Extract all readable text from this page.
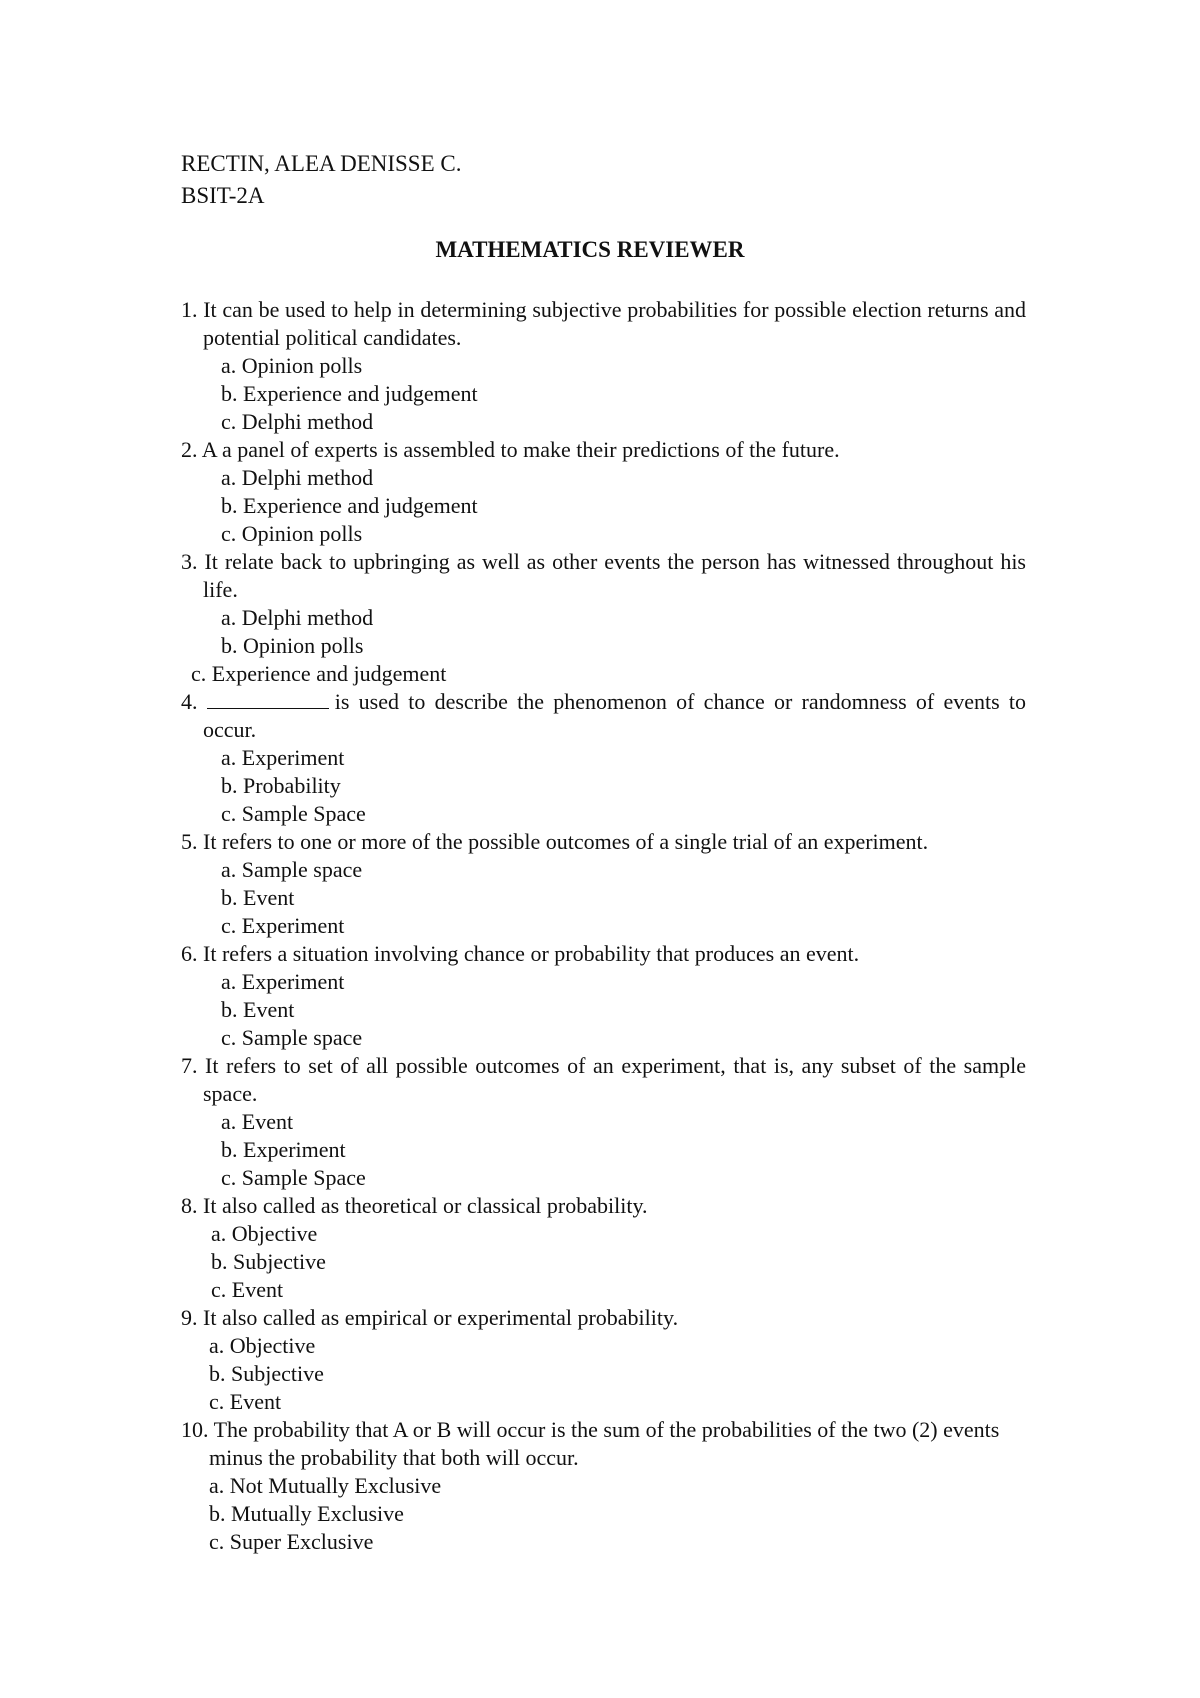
RECTIN, ALEA DENISSE C.
BSIT-2A
MATHEMATICS REVIEWER
1. It can be used to help in determining subjective probabilities for possible election returns and potential political candidates.
a. Opinion polls
b. Experience and judgement
c. Delphi method
2. A a panel of experts is assembled to make their predictions of the future.
a. Delphi method
b. Experience and judgement
c. Opinion polls
3. It relate back to upbringing as well as other events the person has witnessed throughout his life.
a. Delphi method
b. Opinion polls
c. Experience and judgement
4.	is used to describe the phenomenon of chance or randomness of events to occur.
a. Experiment
b. Probability
c. Sample Space
5. It refers to one or more of the possible outcomes of a single trial of an experiment.
a. Sample space
b. Event
c. Experiment
6. It refers a situation involving chance or probability that produces an event.
a. Experiment
b. Event
c. Sample space
7. It refers to set of all possible outcomes of an experiment, that is, any subset of the sample space.
a. Event
b. Experiment
c. Sample Space
8. It also called as theoretical or classical probability.
a. Objective
b. Subjective
c. Event
9. It also called as empirical or experimental probability.
a. Objective
b. Subjective
c. Event
10. The probability that A or B will occur is the sum of the probabilities of the two (2) events minus the probability that both will occur.
a. Not Mutually Exclusive
b. Mutually Exclusive
c. Super Exclusive
